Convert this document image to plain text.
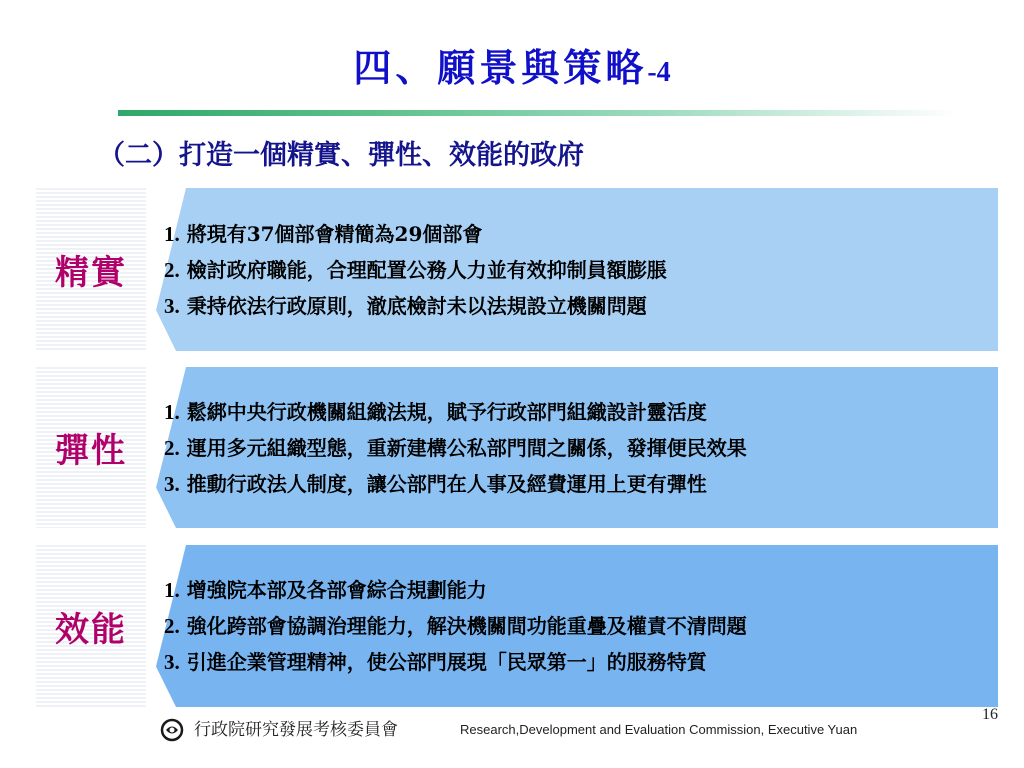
四、願景與策略-4
（二）打造一個精實、彈性、效能的政府
精實
1. 將現有37個部會精簡為29個部會
2. 檢討政府職能，合理配置公務人力並有效抑制員額膨脹
3. 秉持依法行政原則，澈底檢討未以法規設立機關問題
彈性
1. 鬆綁中央行政機關組織法規，賦予行政部門組織設計靈活度
2. 運用多元組織型態，重新建構公私部門間之關係，發揮便民效果
3. 推動行政法人制度，讓公部門在人事及經費運用上更有彈性
效能
1. 增強院本部及各部會綜合規劃能力
2. 強化跨部會協調治理能力，解決機關間功能重疊及權責不清問題
3. 引進企業管理精神，使公部門展現「民眾第一」的服務特質
行政院研究發展考核委員會	Research,Development and Evaluation Commission, Executive Yuan
16
